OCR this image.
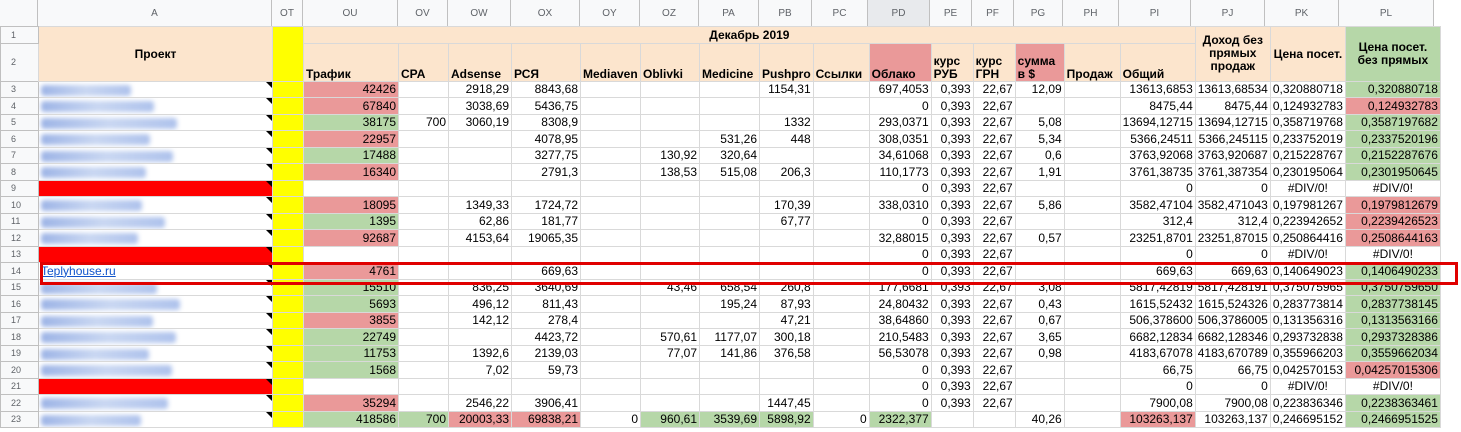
A	OT	OU	OV	OW	OX	OY	OZ	PA	PB	PC	PD	PE	PF	PG	PH	PI	PJ	PK	PL
1	Проект		Декабрь 2019															Доход без прямых продаж	Цена посет.	Цена посет. без прямых
2			Трафик	CPA	Adsense	РСЯ	Mediaven	Oblivki	Medicine	Pushpro	Ссылки	Облако	курс РУБ	курс ГРН	сумма в $	Продаж	Общий			
3			42426		2918,29	8843,68				1154,31		697,4053	0,393	22,67	12,09		13613,6853	13613,68534	0,320880718	0,320880718
4			67840		3038,69	5436,75						0	0,393	22,67			8475,44	8475,44	0,124932783	0,124932783
5			38175	700	3060,19	8308,9				1332		293,0371	0,393	22,67	5,08		13694,12715	13694,12715	0,358719768	0,3587197682
6			22957			4078,95			531,26	448		308,0351	0,393	22,67	5,34		5366,24511	5366,245115	0,233752019	0,2337520196
7			17488			3277,75		130,92	320,64			34,61068	0,393	22,67	0,6		3763,92068	3763,920687	0,215228767	0,2152287676
8			16340			2791,3		138,53	515,08	206,3		110,1773	0,393	22,67	1,91		3761,38735	3761,387354	0,230195064	0,2301950645
9												0	0,393	22,67			0	0	#DIV/0!	#DIV/0!
10			18095		1349,33	1724,72				170,39		338,0310	0,393	22,67	5,86		3582,47104	3582,471043	0,197981267	0,1979812679
11			1395		62,86	181,77				67,77		0	0,393	22,67			312,4	312,4	0,223942652	0,2239426523
12			92687		4153,64	19065,35						32,88015	0,393	22,67	0,57		23251,8701	23251,87015	0,250864416	0,2508644163
13												0	0,393	22,67			0	0	#DIV/0!	#DIV/0!
14	Teplyhouse.ru		4761			669,63						0	0,393	22,67			669,63	669,63	0,140649023	0,1406490233
15			15510		836,25	3640,69		43,46	658,54	260,8		177,6681	0,393	22,67	3,08		5817,42819	5817,428191	0,375075965	0,3750759650
16			5693		496,12	811,43			195,24	87,93		24,80432	0,393	22,67	0,43		1615,52432	1615,524326	0,283773814	0,2837738145
17			3855		142,12	278,4				47,21		38,64860	0,393	22,67	0,67		506,378600	506,3786005	0,131356316	0,1313563166
18			22749			4423,72		570,61	1177,07	300,18		210,5483	0,393	22,67	3,65		6682,12834	6682,128346	0,293732838	0,2937328386
19			11753		1392,6	2139,03		77,07	141,86	376,58		56,53078	0,393	22,67	0,98		4183,67078	4183,670789	0,355966203	0,3559662034
20			1568		7,02	59,73						0	0,393	22,67			66,75	66,75	0,042570153	0,04257015306
21												0	0,393	22,67			0	0	#DIV/0!	#DIV/0!
22			35294		2546,22	3906,41				1447,45		0	0,393	22,67			7900,08	7900,08	0,223836346	0,2238363461
23			418586	700	20003,33	69838,21	0	960,61	3539,69	5898,92	0	2322,377			40,26		103263,137	103263,137	0,246695152	0,2466951525
